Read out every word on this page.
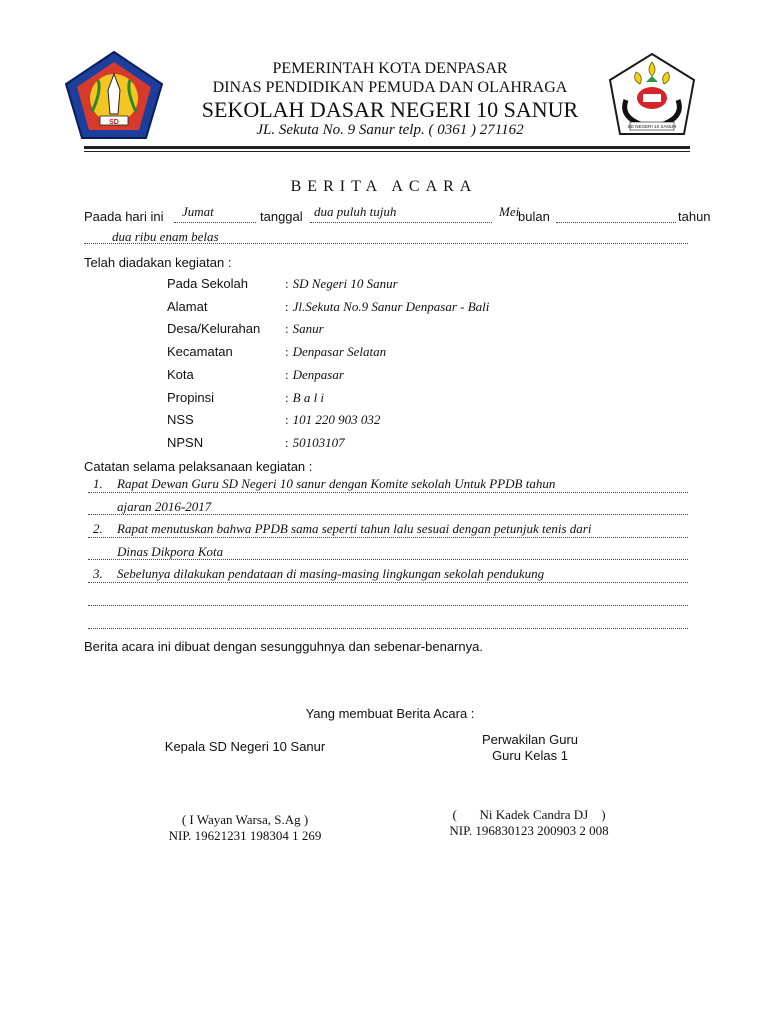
SD
SD NEGERI 10 SANUR
PEMERINTAH KOTA DENPASAR
DINAS PENDIDIKAN PEMUDA DAN OLAHRAGA
SEKOLAH DASAR NEGERI 10 SANUR
JL. Sekuta No. 9 Sanur telp. ( 0361 ) 271162
BERITA ACARA
Paada hari ini Jumat	tanggal dua puluh tujuh	Mei
bulan	tahun
dua ribu enam belas
Telah diadakan kegiatan :
Pada Sekolah	: SD Negeri 10 Sanur
Alamat	: Jl.Sekuta No.9 Sanur Denpasar - Bali
Desa/Kelurahan : Sanur
Kecamatan	: Denpasar Selatan
Kota	: Denpasar
Propinsi	: B a l i
NSS	: 101 220 903 032
NPSN	: 50103107
Catatan selama pelaksanaan kegiatan :
1. Rapat Dewan Guru SD Negeri 10 sanur dengan Komite sekolah Untuk PPDB tahun
ajaran 2016-2017
2. Rapat menutuskan bahwa PPDB sama seperti tahun lalu sesuai dengan petunjuk tenis dari
Dinas Dikpora Kota
3. Sebelunya dilakukan pendataan di masing-masing lingkungan sekolah pendukung
Berita acara ini dibuat dengan sesungguhnya dan sebenar-benarnya.
Yang membuat Berita Acara :
Kepala SD Negeri 10 Sanur	Perwakilan Guru
Guru Kelas 1
( I Wayan Warsa, S.Ag )
NIP. 19621231 198304 1 269
(       Ni Kadek Candra DJ    )
NIP. 196830123 200903 2 008
